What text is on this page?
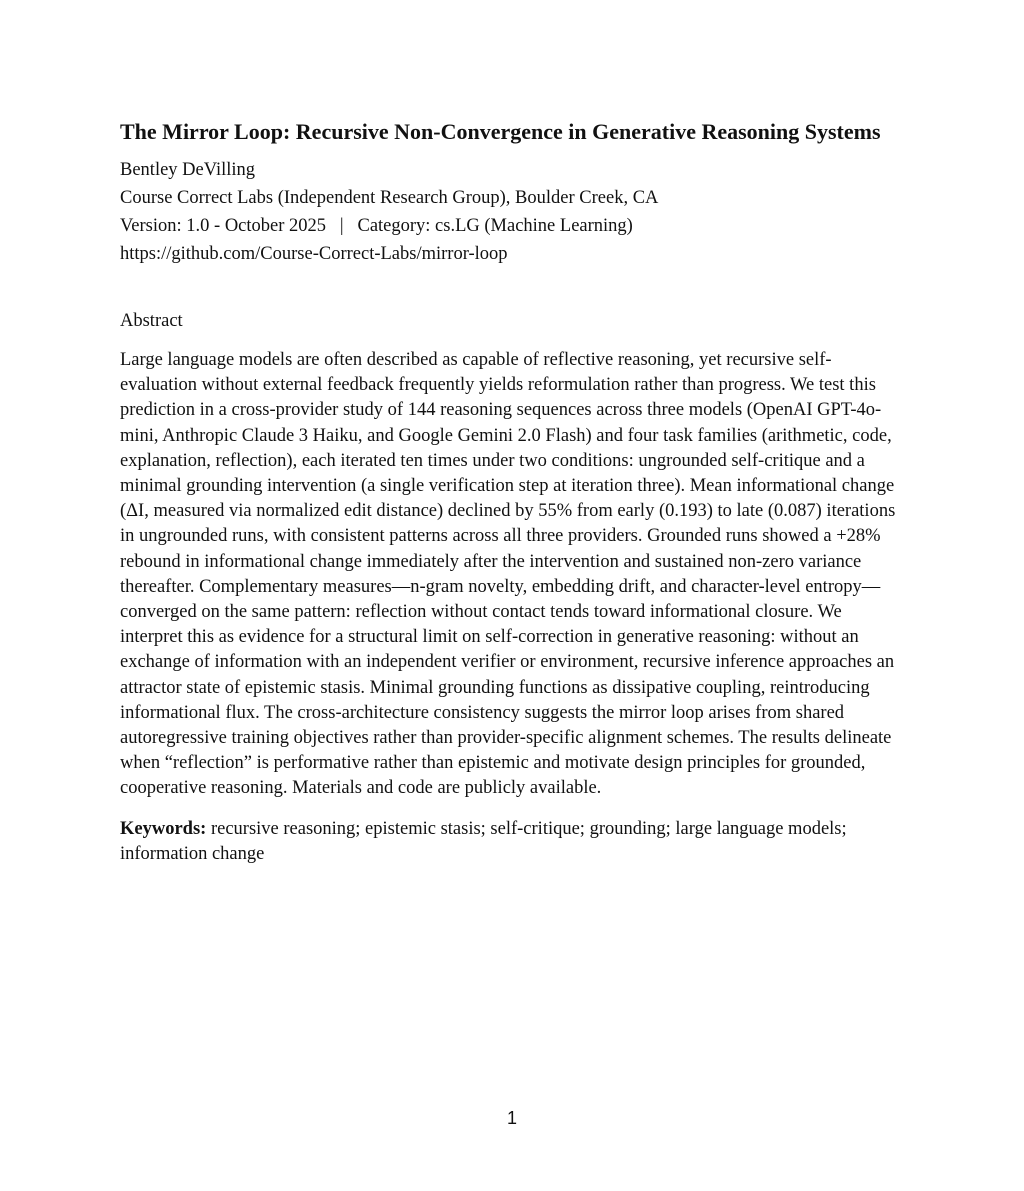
The Mirror Loop: Recursive Non-Convergence in Generative Reasoning Systems
Bentley DeVilling
Course Correct Labs (Independent Research Group), Boulder Creek, CA
Version: 1.0 - October 2025   |   Category: cs.LG (Machine Learning)
https://github.com/Course-Correct-Labs/mirror-loop
Abstract

Large language models are often described as capable of reflective reasoning, yet recursive self-evaluation without external feedback frequently yields reformulation rather than progress. We test this prediction in a cross-provider study of 144 reasoning sequences across three models (OpenAI GPT-4o-mini, Anthropic Claude 3 Haiku, and Google Gemini 2.0 Flash) and four task families (arithmetic, code, explanation, reflection), each iterated ten times under two conditions: ungrounded self-critique and a minimal grounding intervention (a single verification step at iteration three). Mean informational change (ΔI, measured via normalized edit distance) declined by 55% from early (0.193) to late (0.087) iterations in ungrounded runs, with consistent patterns across all three providers. Grounded runs showed a +28% rebound in informational change immediately after the intervention and sustained non-zero variance thereafter. Complementary measures—n-gram novelty, embedding drift, and character-level entropy—converged on the same pattern: reflection without contact tends toward informational closure. We interpret this as evidence for a structural limit on self-correction in generative reasoning: without an exchange of information with an independent verifier or environment, recursive inference approaches an attractor state of epistemic stasis. Minimal grounding functions as dissipative coupling, reintroducing informational flux. The cross-architecture consistency suggests the mirror loop arises from shared autoregressive training objectives rather than provider-specific alignment schemes. The results delineate when “reflection” is performative rather than epistemic and motivate design principles for grounded, cooperative reasoning. Materials and code are publicly available.

Keywords: recursive reasoning; epistemic stasis; self-critique; grounding; large language models; information change
1
